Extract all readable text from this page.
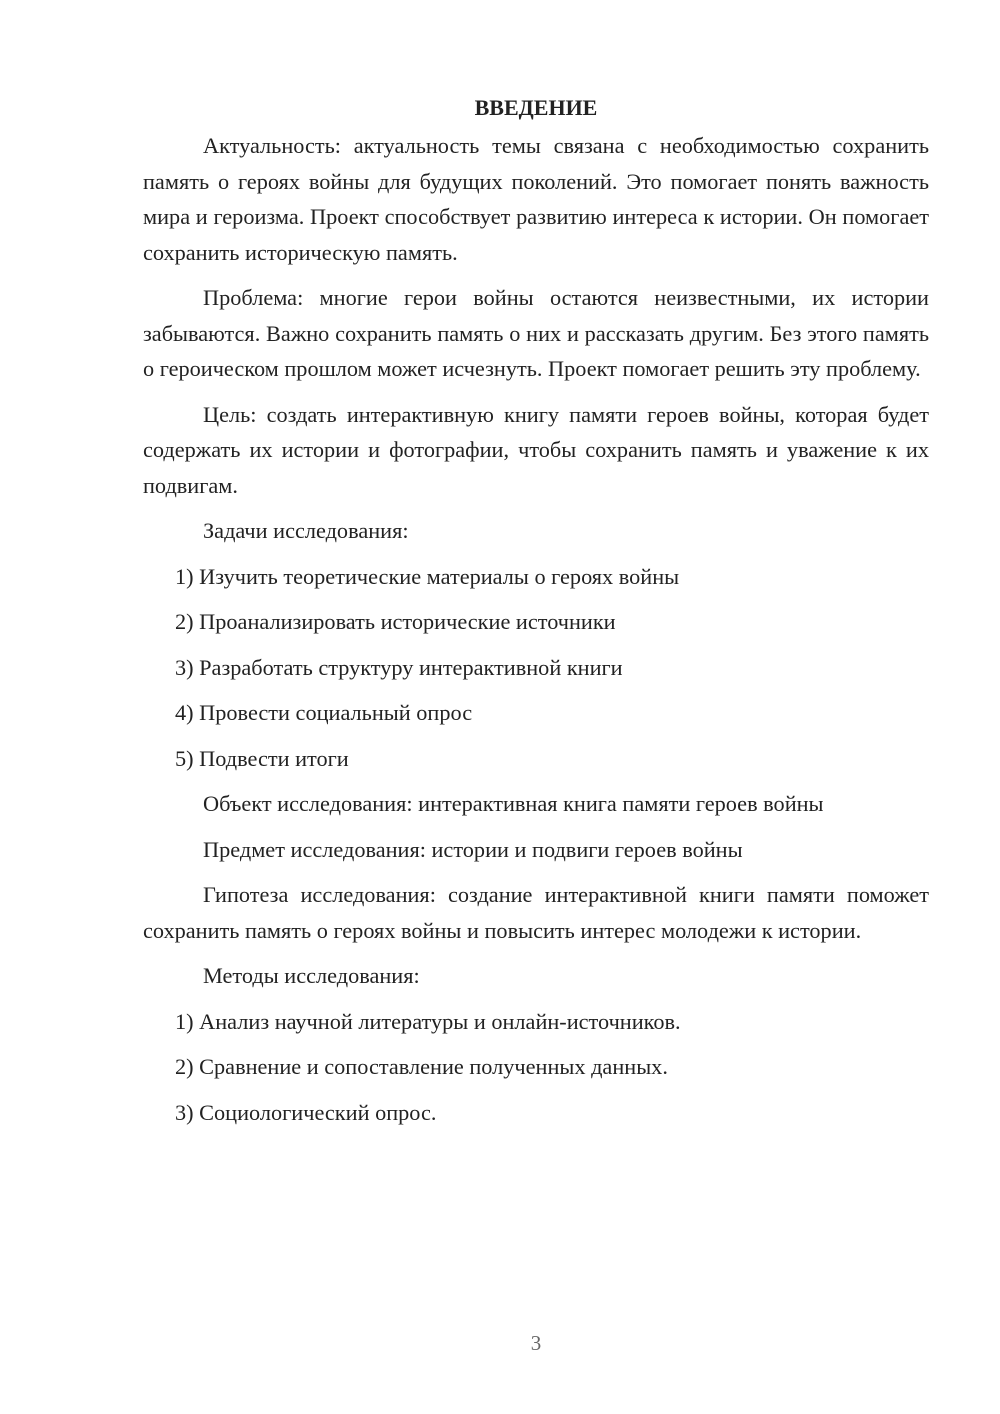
ВВЕДЕНИЕ

Актуальность: актуальность темы связана с необходимостью сохранить память о героях войны для будущих поколений. Это помогает понять важность мира и героизма. Проект способствует развитию интереса к истории. Он помогает сохранить историческую память.

Проблема: многие герои войны остаются неизвестными, их истории забываются. Важно сохранить память о них и рассказать другим. Без этого память о героическом прошлом может исчезнуть. Проект помогает решить эту проблему.

Цель: создать интерактивную книгу памяти героев войны, которая будет содержать их истории и фотографии, чтобы сохранить память и уважение к их подвигам.

Задачи исследования:
1) Изучить теоретические материалы о героях войны
2) Проанализировать исторические источники
3) Разработать структуру интерактивной книги
4) Провести социальный опрос
5) Подвести итоги
Объект исследования: интерактивная книга памяти героев войны
Предмет исследования: истории и подвиги героев войны

Гипотеза исследования: создание интерактивной книги памяти поможет сохранить память о героях войны и повысить интерес молодежи к истории.

Методы исследования:
1) Анализ научной литературы и онлайн-источников.
2) Сравнение и сопоставление полученных данных.
3) Социологический опрос.
3
